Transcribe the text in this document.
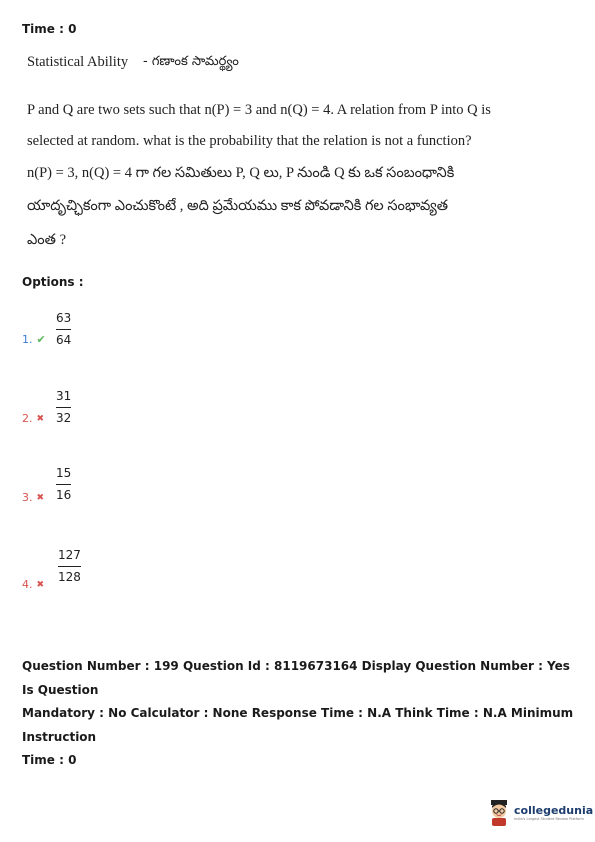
Time : 0
Statistical Ability - గణాంక సామర్థ్యం
P and Q are two sets such that n(P) = 3 and n(Q) = 4. A relation from P into Q is
selected at random. what is the probability that the relation is not a function?
n(P) = 3, n(Q) = 4 గా గల సమితులు P, Q లు, P నుండి Q కు ఒక సంబంధానికి
యాదృచ్ఛికంగా ఎంచుకొంటే , అది ప్రమేయము కాక పోవడానికి గల సంభావ్యత
ఎంత ?
Options :
1. ✔
63
64
2. ✖
31
32
3. ✖
15
16
4. ✖
127
128
Question Number : 199 Question Id : 8119673164 Display Question Number : Yes Is Question
Mandatory : No Calculator : None Response Time : N.A Think Time : N.A Minimum Instruction
Time : 0
collegedunia
India's Largest Student Review Platform
